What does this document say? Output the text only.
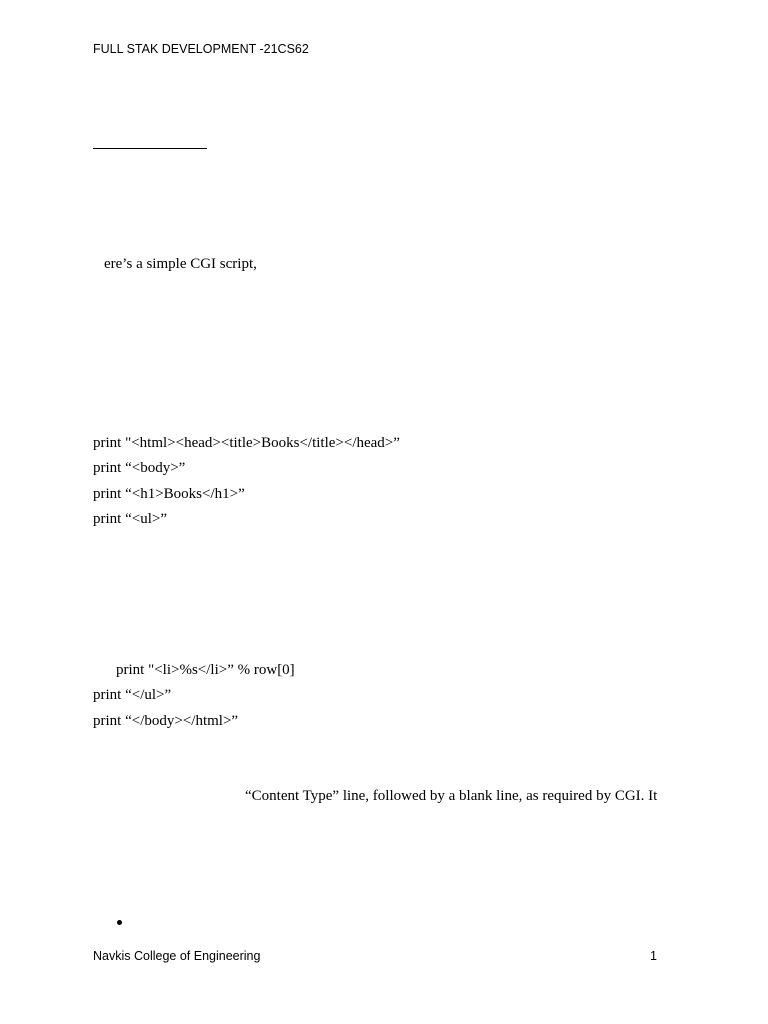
FULL STAK DEVELOPMENT -21CS62
ere’s a simple CGI script,
print "<html><head><title>Books</title></head>”
print “<body>”
print “<h1>Books</h1>”
print “<ul>”
print "<li>%s</li>” % row[0]
print “</ul>”
print “</body></html>”
“Content Type” line, followed by a blank line, as required by CGI. It
Navkis College of Engineering	1
